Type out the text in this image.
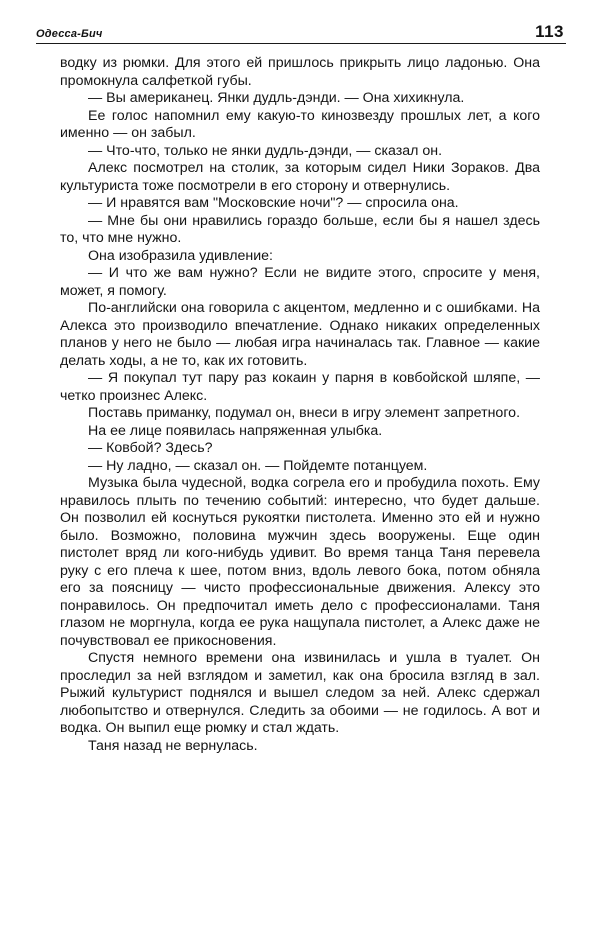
Одесса-Бич	113

водку из рюмки. Для этого ей пришлось прикрыть лицо ладонью. Она промокнула салфеткой губы.

— Вы американец. Янки дудль-дэнди. — Она хихикнула.

Ее голос напомнил ему какую-то кинозвезду прошлых лет, а кого именно — он забыл.

— Что-что, только не янки дудль-дэнди, — сказал он.

Алекс посмотрел на столик, за которым сидел Ники Зораков. Два культуриста тоже посмотрели в его сторону и отвернулись.

— И нравятся вам "Московские ночи"? — спросила она.

— Мне бы они нравились гораздо больше, если бы я нашел здесь то, что мне нужно.

Она изобразила удивление:

— И что же вам нужно? Если не видите этого, спросите у меня, может, я помогу.

По-английски она говорила с акцентом, медленно и с ошибками. На Алекса это производило впечатление. Однако никаких определенных планов у него не было — любая игра начиналась так. Главное — какие делать ходы, а не то, как их готовить.

— Я покупал тут пару раз кокаин у парня в ковбойской шляпе, — четко произнес Алекс.

Поставь приманку, подумал он, внеси в игру элемент запретного.

На ее лице появилась напряженная улыбка.

— Ковбой? Здесь?

— Ну ладно, — сказал он. — Пойдемте потанцуем.

Музыка была чудесной, водка согрела его и пробудила похоть. Ему нравилось плыть по течению событий: интересно, что будет дальше. Он позволил ей коснуться рукоятки пистолета. Именно это ей и нужно было. Возможно, половина мужчин здесь вооружены. Еще один пистолет вряд ли кого-нибудь удивит. Во время танца Таня перевела руку с его плеча к шее, потом вниз, вдоль левого бока, потом обняла его за поясницу — чисто профессиональные движения. Алексу это понравилось. Он предпочитал иметь дело с профессионалами. Таня глазом не моргнула, когда ее рука нащупала пистолет, а Алекс даже не почувствовал ее прикосновения.

Спустя немного времени она извинилась и ушла в туалет. Он проследил за ней взглядом и заметил, как она бросила взгляд в зал. Рыжий культурист поднялся и вышел следом за ней. Алекс сдержал любопытство и отвернулся. Следить за обоими — не годилось. А вот и водка. Он выпил еще рюмку и стал ждать.

Таня назад не вернулась.
